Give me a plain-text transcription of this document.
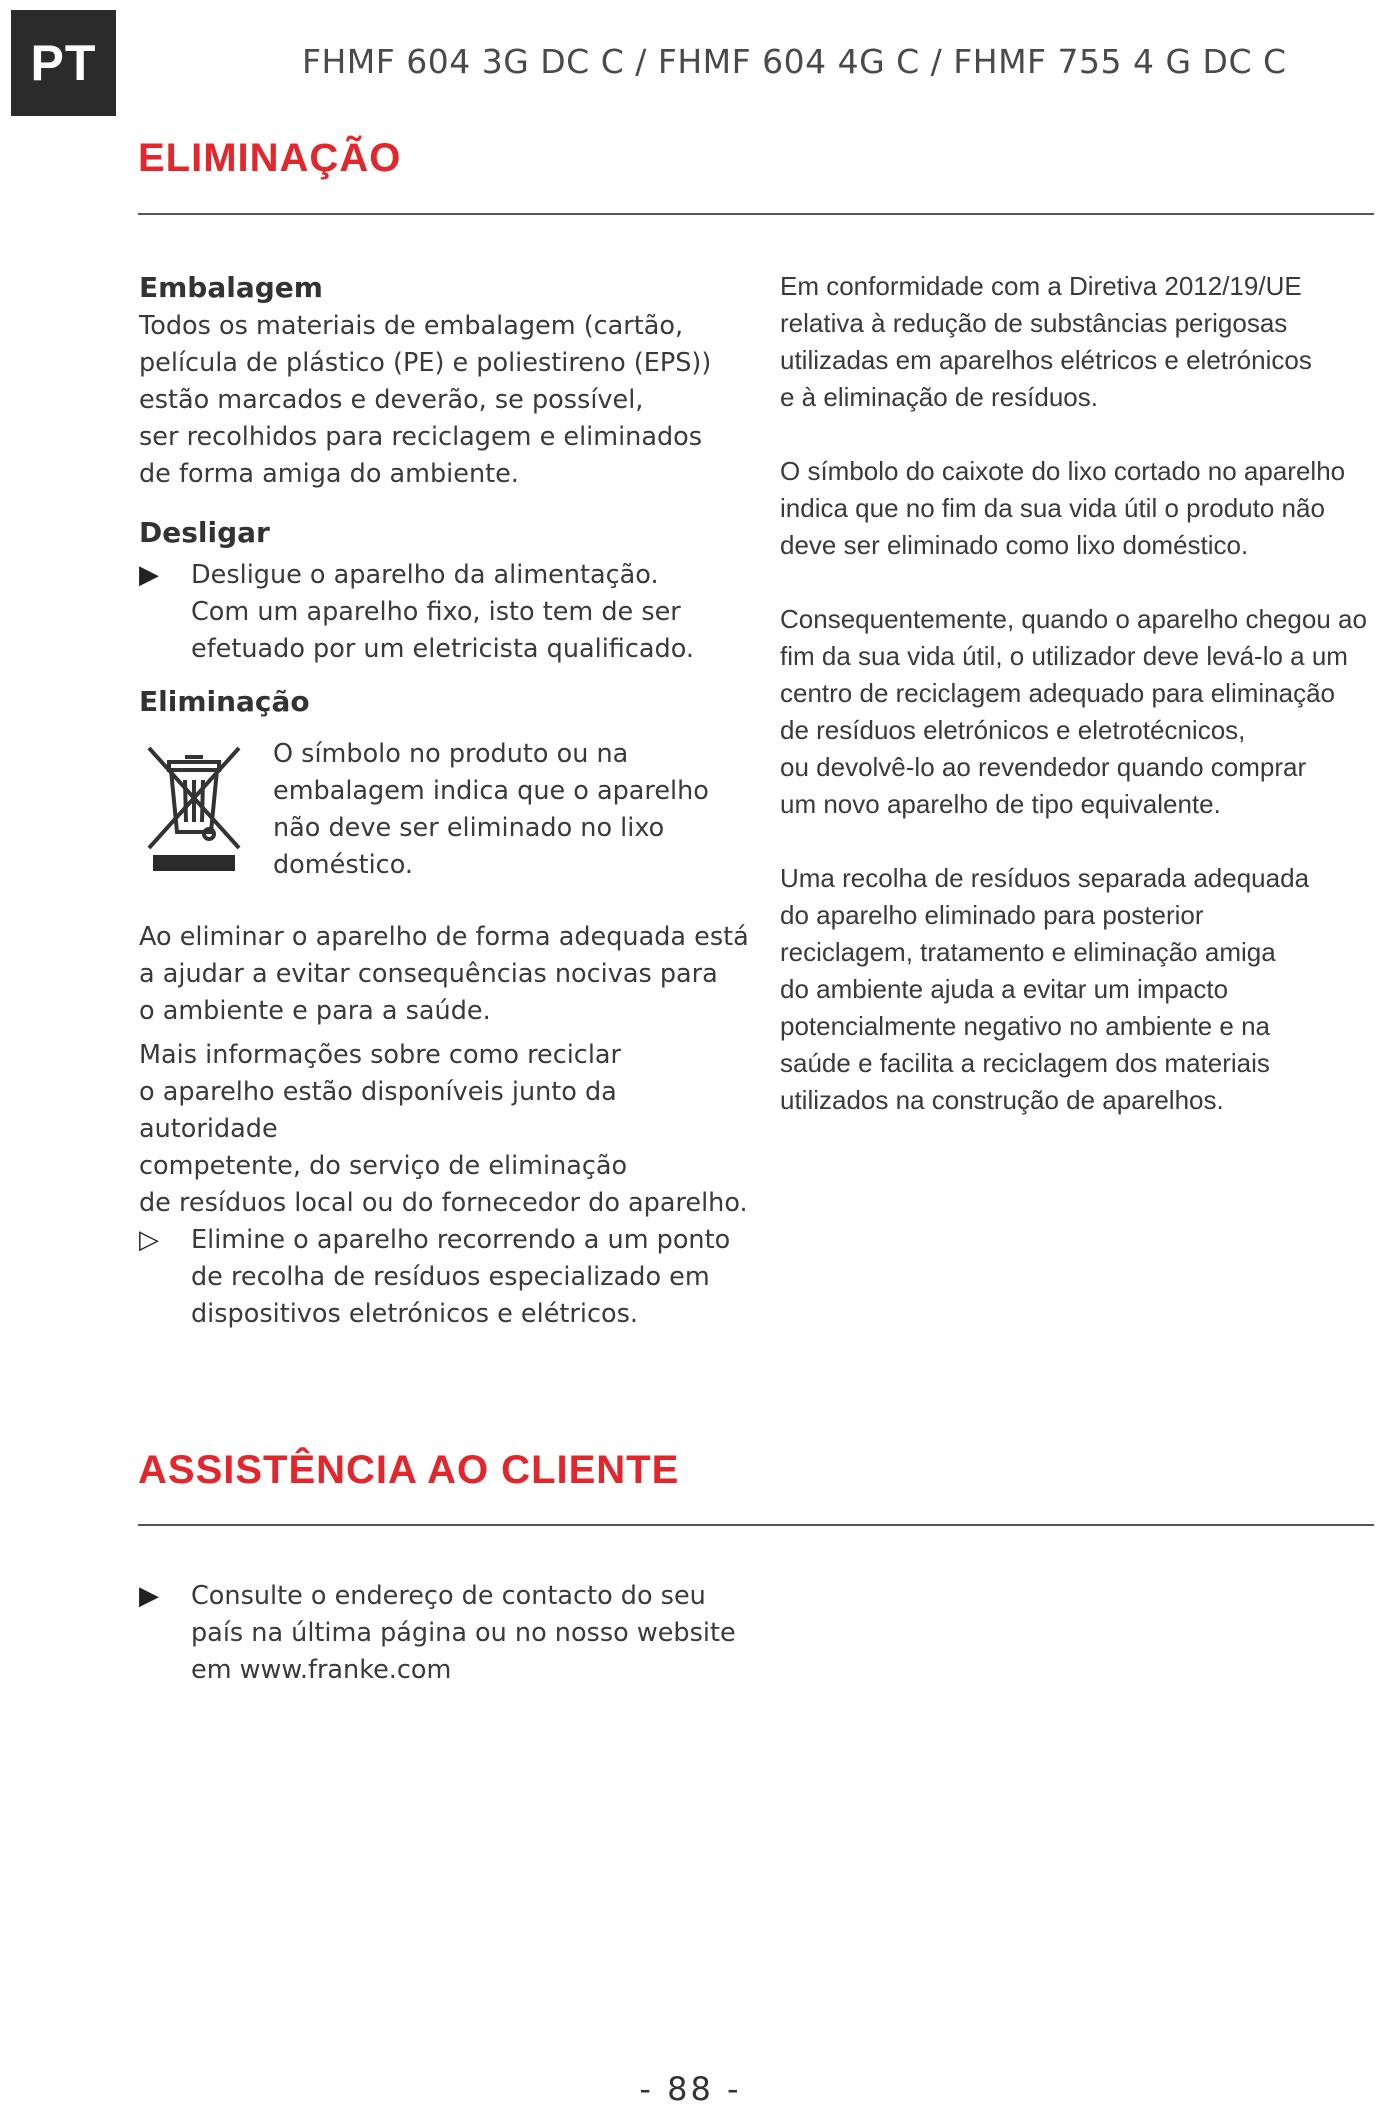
PT	FHMF 604 3G DC C / FHMF 604 4G C / FHMF 755 4 G DC C
ELIMINAÇÃO
Embalagem

Todos os materiais de embalagem (cartão,
película de plástico (PE) e poliestireno (EPS))
estão marcados e deverão, se possível,
ser recolhidos para reciclagem e eliminados
de forma amiga do ambiente.

Desligar
▶	Desligue o aparelho da alimentação.
Com um aparelho fixo, isto tem de ser
efetuado por um eletricista qualificado.

Eliminação

O símbolo no produto ou na
embalagem indica que o aparelho
não deve ser eliminado no lixo
doméstico.

Ao eliminar o aparelho de forma adequada está
a ajudar a evitar consequências nocivas para
o ambiente e para a saúde.

Mais informações sobre como reciclar
o aparelho estão disponíveis junto da autoridade
competente, do serviço de eliminação
de resíduos local ou do fornecedor do aparelho.

▷	Elimine o aparelho recorrendo a um ponto
de recolha de resíduos especializado em
dispositivos eletrónicos e elétricos.

Em conformidade com a Diretiva 2012/19/UE
relativa à redução de substâncias perigosas
utilizadas em aparelhos elétricos e eletrónicos
e à eliminação de resíduos.

O símbolo do caixote do lixo cortado no aparelho
indica que no fim da sua vida útil o produto não
deve ser eliminado como lixo doméstico.

Consequentemente, quando o aparelho chegou ao
fim da sua vida útil, o utilizador deve levá-lo a um
centro de reciclagem adequado para eliminação
de resíduos eletrónicos e eletrotécnicos,
ou devolvê-lo ao revendedor quando comprar
um novo aparelho de tipo equivalente.

Uma recolha de resíduos separada adequada
do aparelho eliminado para posterior
reciclagem, tratamento e eliminação amiga
do ambiente ajuda a evitar um impacto
potencialmente negativo no ambiente e na
saúde e facilita a reciclagem dos materiais
utilizados na construção de aparelhos.

ASSISTÊNCIA AO CLIENTE
▶	Consulte o endereço de contacto do seu
país na última página ou no nosso website
em www.franke.com

- 88 -
